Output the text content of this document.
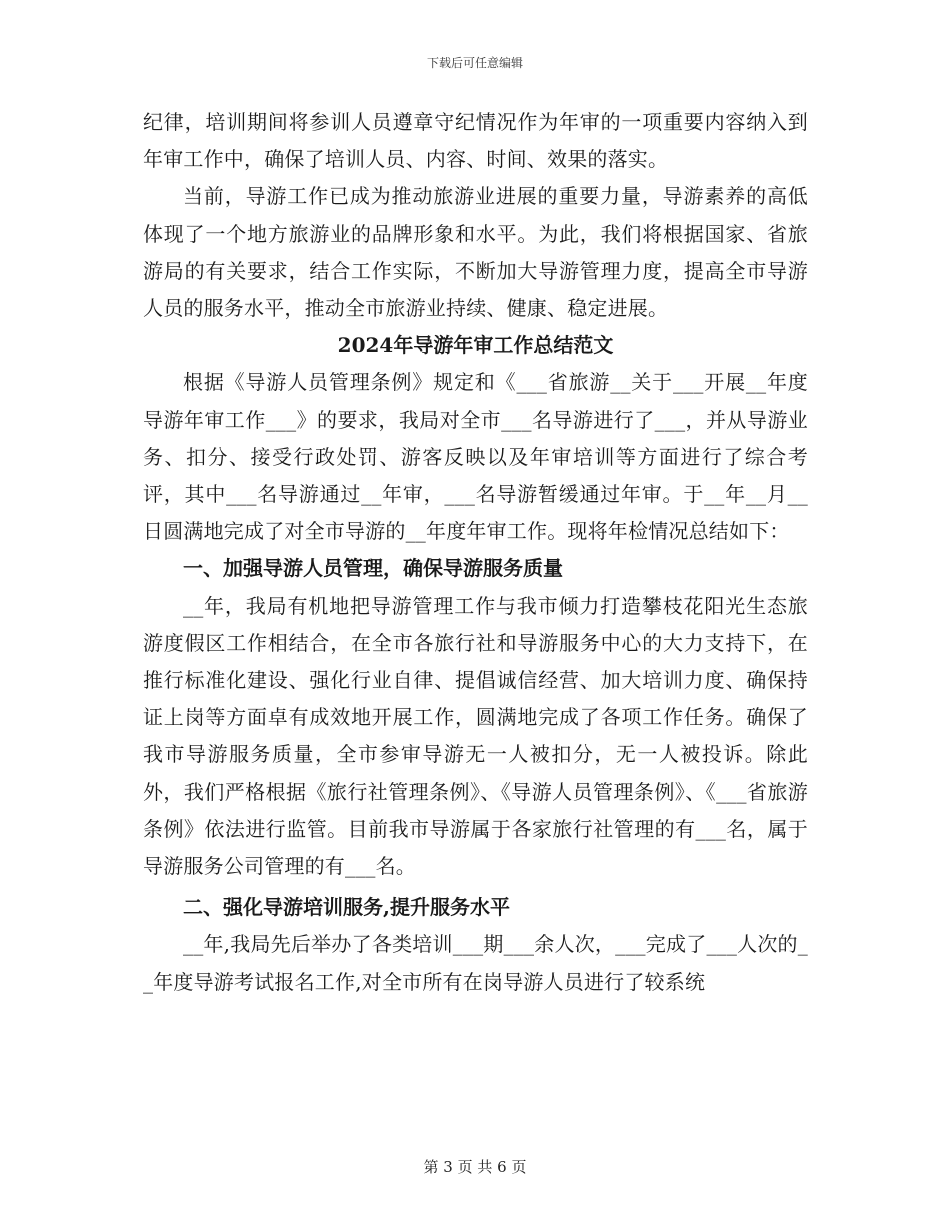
下载后可任意编辑

纪律，培训期间将参训人员遵章守纪情况作为年审的一项重要内容纳入到年审工作中，确保了培训人员、内容、时间、效果的落实。

当前，导游工作已成为推动旅游业进展的重要力量，导游素养的高低体现了一个地方旅游业的品牌形象和水平。为此，我们将根据国家、省旅游局的有关要求，结合工作实际，不断加大导游管理力度，提高全市导游人员的服务水平，推动全市旅游业持续、健康、稳定进展。

2024年导游年审工作总结范文

根据《导游人员管理条例》规定和《___省旅游__关于___开展__年度导游年审工作___》的要求，我局对全市___名导游进行了___，并从导游业务、扣分、接受行政处罚、游客反映以及年审培训等方面进行了综合考评，其中___名导游通过__年审，___名导游暂缓通过年审。于__年__月__日圆满地完成了对全市导游的__年度年审工作。现将年检情况总结如下：

一、加强导游人员管理，确保导游服务质量

__年，我局有机地把导游管理工作与我市倾力打造攀枝花阳光生态旅游度假区工作相结合，在全市各旅行社和导游服务中心的大力支持下，在推行标准化建设、强化行业自律、提倡诚信经营、加大培训力度、确保持证上岗等方面卓有成效地开展工作，圆满地完成了各项工作任务。确保了我市导游服务质量，全市参审导游无一人被扣分，无一人被投诉。除此外，我们严格根据《旅行社管理条例》、《导游人员管理条例》、《___省旅游条例》依法进行监管。目前我市导游属于各家旅行社管理的有___名，属于导游服务公司管理的有___名。

二、强化导游培训服务,提升服务水平

__年,我局先后举办了各类培训___期___余人次，___完成了___人次的__年度导游考试报名工作,对全市所有在岗导游人员进行了较系统

第 3 页 共 6 页
